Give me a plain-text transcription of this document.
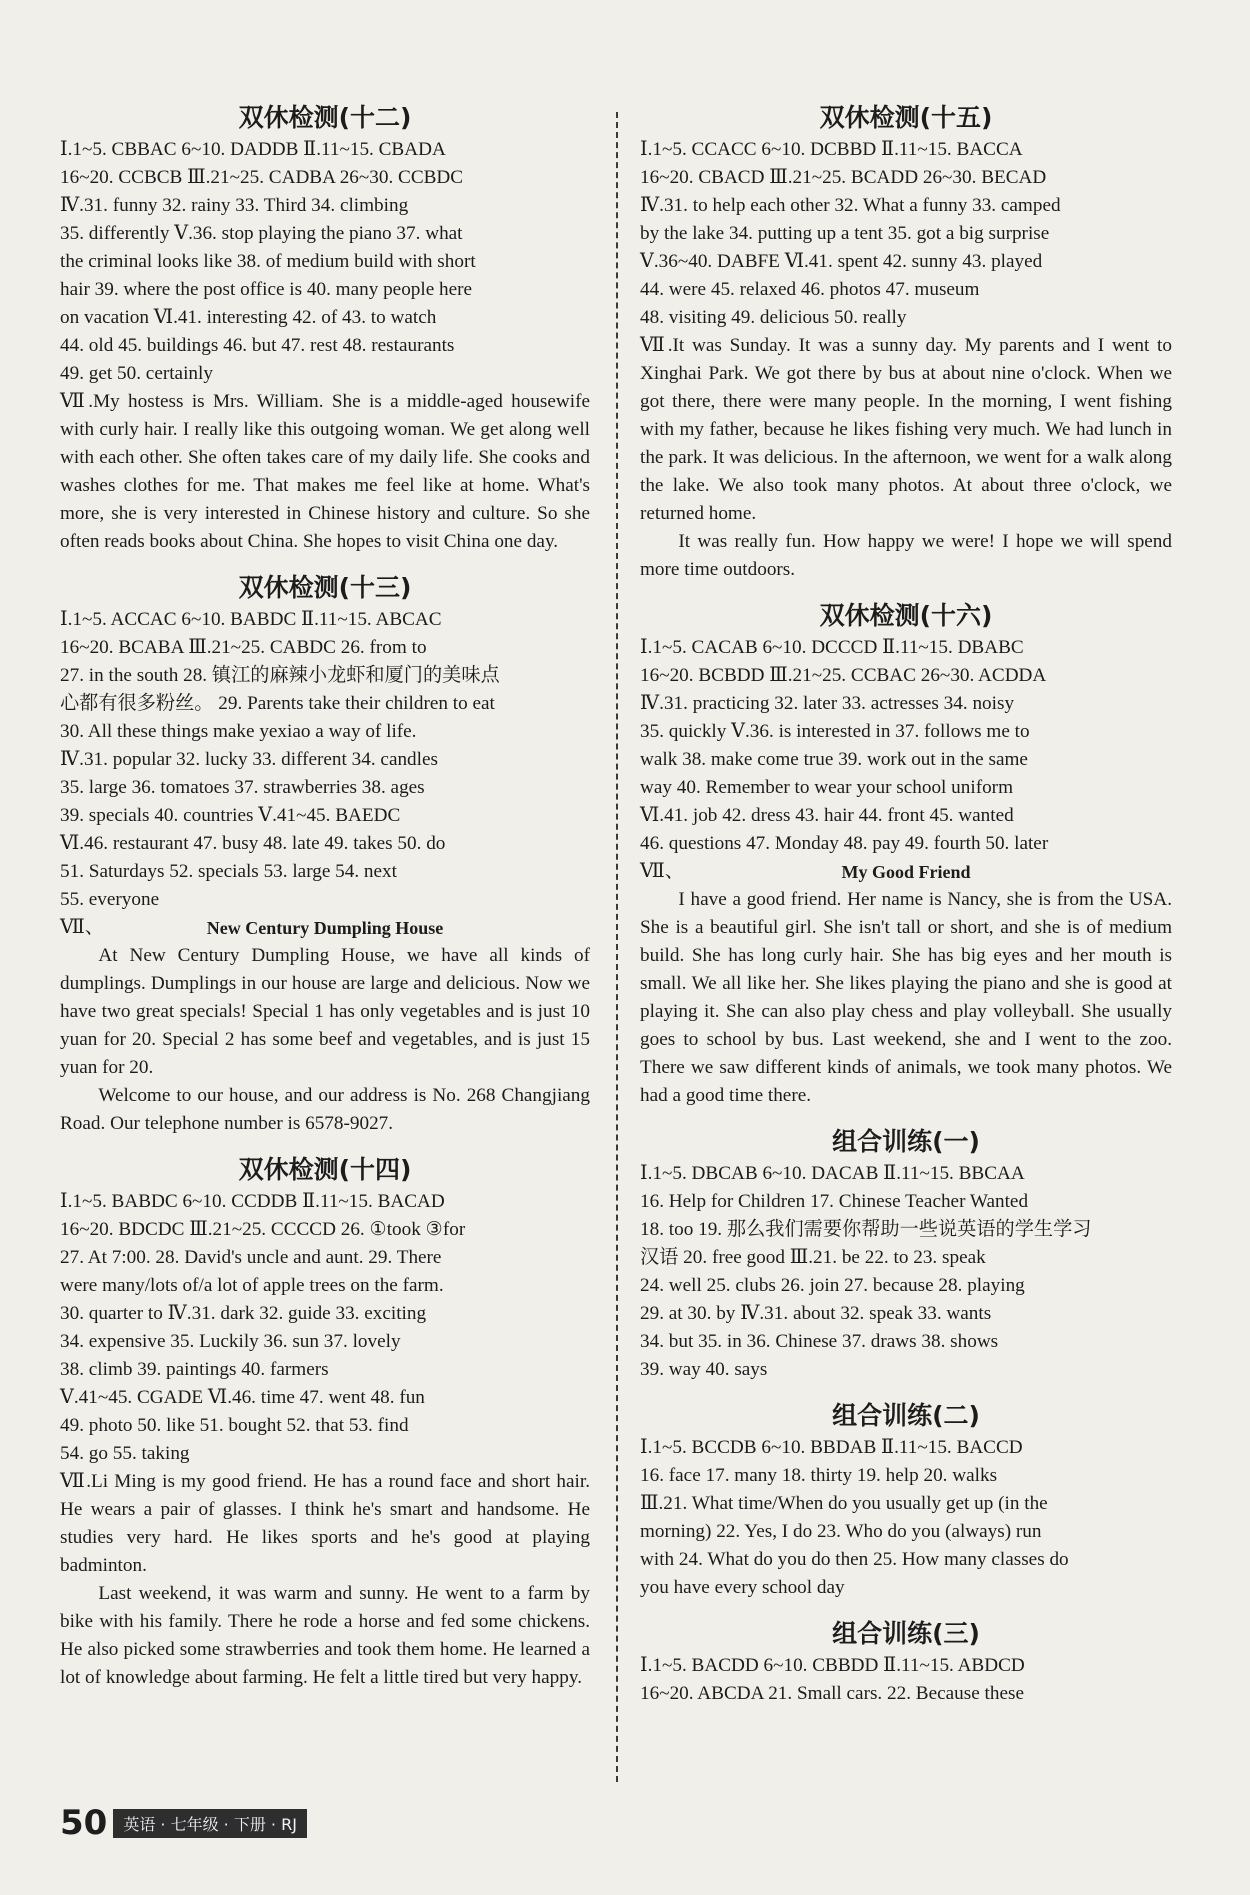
双休检测(十二)
Ⅰ.1~5. CBBAC 6~10. DADDB Ⅱ.11~15. CBADA
16~20. CCBCB Ⅲ.21~25. CADBA 26~30. CCBDC
Ⅳ.31. funny 32. rainy 33. Third 34. climbing
35. differently Ⅴ.36. stop playing the piano 37. what
the criminal looks like 38. of medium build with short
hair 39. where the post office is 40. many people here
on vacation Ⅵ.41. interesting 42. of 43. to watch
44. old 45. buildings 46. but 47. rest 48. restaurants
49. get 50. certainly

Ⅶ.My hostess is Mrs. William. She is a middle-aged housewife with curly hair. I really like this outgoing woman. We get along well with each other. She often takes care of my daily life. She cooks and washes clothes for me. That makes me feel like at home. What's more, she is very interested in Chinese history and culture. So she often reads books about China. She hopes to visit China one day.

双休检测(十三)
Ⅰ.1~5. ACCAC 6~10. BABDC Ⅱ.11~15. ABCAC
16~20. BCABA Ⅲ.21~25. CABDC 26. from to
27. in the south 28. 镇江的麻辣小龙虾和厦门的美味点
心都有很多粉丝。 29. Parents take their children to eat
30. All these things make yexiao a way of life.
Ⅳ.31. popular 32. lucky 33. different 34. candles
35. large 36. tomatoes 37. strawberries 38. ages
39. specials 40. countries Ⅴ.41~45. BAEDC
Ⅵ.46. restaurant 47. busy 48. late 49. takes 50. do
51. Saturdays 52. specials 53. large 54. next
55. everyone
Ⅶ、	New Century Dumpling House

At New Century Dumpling House, we have all kinds of dumplings. Dumplings in our house are large and delicious. Now we have two great specials! Special 1 has only vegetables and is just 10 yuan for 20. Special 2 has some beef and vegetables, and is just 15 yuan for 20.

Welcome to our house, and our address is No. 268 Changjiang Road. Our telephone number is 6578-9027.

双休检测(十四)
Ⅰ.1~5. BABDC 6~10. CCDDB Ⅱ.11~15. BACAD
16~20. BDCDC Ⅲ.21~25. CCCCD 26. ①took ③for
27. At 7:00. 28. David's uncle and aunt. 29. There
were many/lots of/a lot of apple trees on the farm.
30. quarter to Ⅳ.31. dark 32. guide 33. exciting
34. expensive 35. Luckily 36. sun 37. lovely
38. climb 39. paintings 40. farmers
Ⅴ.41~45. CGADE Ⅵ.46. time 47. went 48. fun
49. photo 50. like 51. bought 52. that 53. find
54. go 55. taking

Ⅶ.Li Ming is my good friend. He has a round face and short hair. He wears a pair of glasses. I think he's smart and handsome. He studies very hard. He likes sports and he's good at playing badminton.

Last weekend, it was warm and sunny. He went to a farm by bike with his family. There he rode a horse and fed some chickens. He also picked some strawberries and took them home. He learned a lot of knowledge about farming. He felt a little tired but very happy.

双休检测(十五)
Ⅰ.1~5. CCACC 6~10. DCBBD Ⅱ.11~15. BACCA
16~20. CBACD Ⅲ.21~25. BCADD 26~30. BECAD
Ⅳ.31. to help each other 32. What a funny 33. camped
by the lake 34. putting up a tent 35. got a big surprise
Ⅴ.36~40. DABFE Ⅵ.41. spent 42. sunny 43. played
44. were 45. relaxed 46. photos 47. museum
48. visiting 49. delicious 50. really

Ⅶ.It was Sunday. It was a sunny day. My parents and I went to Xinghai Park. We got there by bus at about nine o'clock. When we got there, there were many people. In the morning, I went fishing with my father, because he likes fishing very much. We had lunch in the park. It was delicious. In the afternoon, we went for a walk along the lake. We also took many photos. At about three o'clock, we returned home.

It was really fun. How happy we were! I hope we will spend more time outdoors.

双休检测(十六)
Ⅰ.1~5. CACAB 6~10. DCCCD Ⅱ.11~15. DBABC
16~20. BCBDD Ⅲ.21~25. CCBAC 26~30. ACDDA
Ⅳ.31. practicing 32. later 33. actresses 34. noisy
35. quickly Ⅴ.36. is interested in 37. follows me to
walk 38. make come true 39. work out in the same
way 40. Remember to wear your school uniform
Ⅵ.41. job 42. dress 43. hair 44. front 45. wanted
46. questions 47. Monday 48. pay 49. fourth 50. later
Ⅶ、	My Good Friend

I have a good friend. Her name is Nancy, she is from the USA. She is a beautiful girl. She isn't tall or short, and she is of medium build. She has long curly hair. She has big eyes and her mouth is small. We all like her. She likes playing the piano and she is good at playing it. She can also play chess and play volleyball. She usually goes to school by bus. Last weekend, she and I went to the zoo. There we saw different kinds of animals, we took many photos. We had a good time there.

组合训练(一)
Ⅰ.1~5. DBCAB 6~10. DACAB Ⅱ.11~15. BBCAA
16. Help for Children 17. Chinese Teacher Wanted
18. too 19. 那么我们需要你帮助一些说英语的学生学习
汉语 20. free good Ⅲ.21. be 22. to 23. speak
24. well 25. clubs 26. join 27. because 28. playing
29. at 30. by Ⅳ.31. about 32. speak 33. wants
34. but 35. in 36. Chinese 37. draws 38. shows
39. way 40. says
组合训练(二)
Ⅰ.1~5. BCCDB 6~10. BBDAB Ⅱ.11~15. BACCD
16. face 17. many 18. thirty 19. help 20. walks
Ⅲ.21. What time/When do you usually get up (in the
morning) 22. Yes, I do 23. Who do you (always) run
with 24. What do you do then 25. How many classes do
you have every school day
组合训练(三)
Ⅰ.1~5. BACDD 6~10. CBBDD Ⅱ.11~15. ABDCD
16~20. ABCDA 21. Small cars. 22. Because these
50	英语 · 七年级 · 下册 · RJ
